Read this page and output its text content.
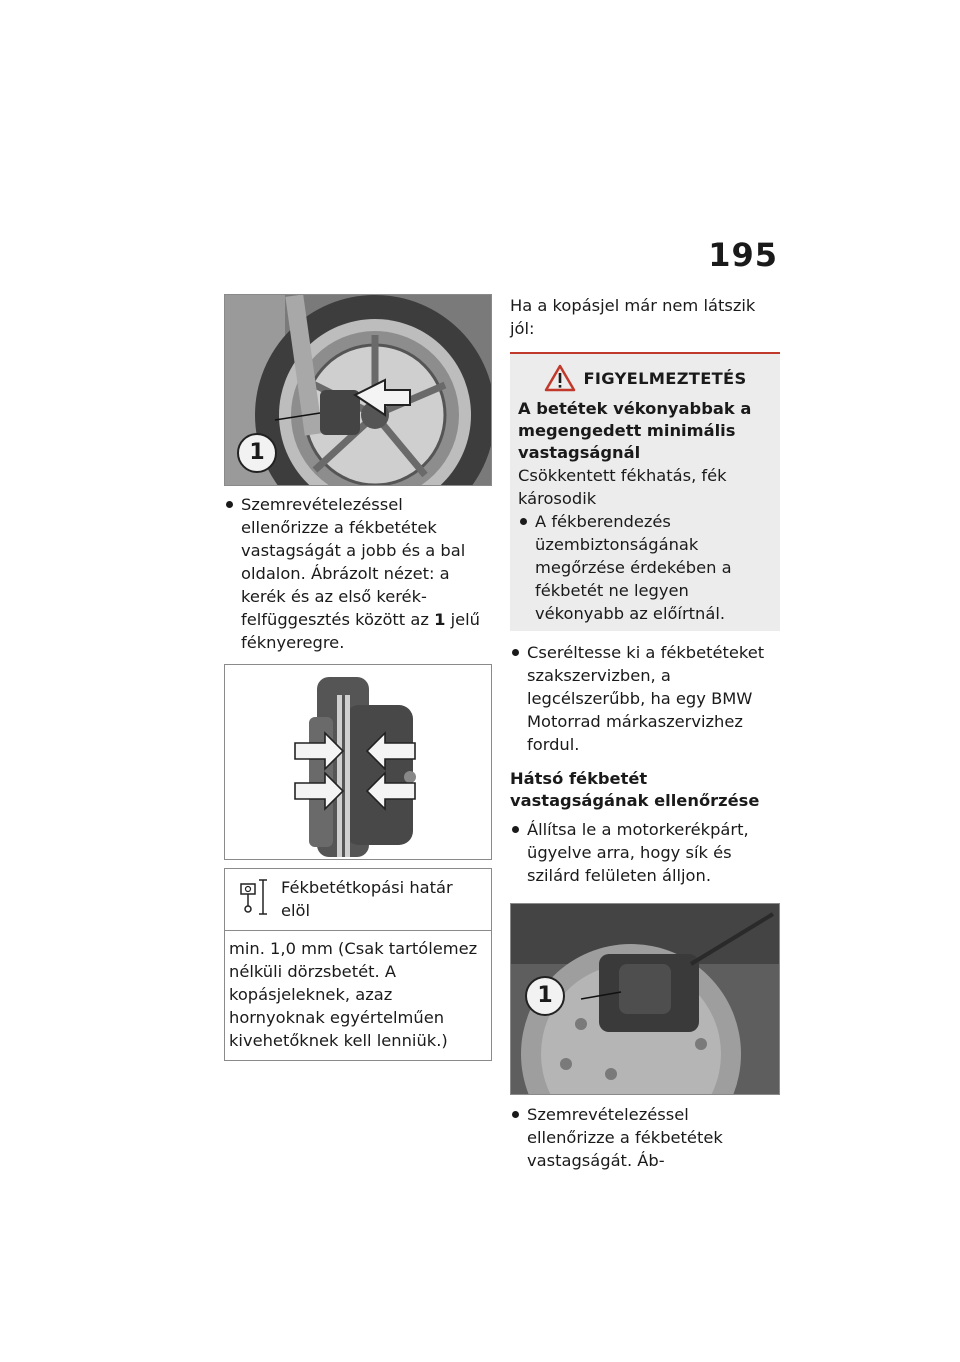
195
1

Szemrevételezéssel ellenőrizze a fékbetétek vastagságát a jobb és a bal oldalon. Ábrázolt nézet: a kerék és az első kerék-felfüggesztés között az 1 jelű féknyeregre.

Fékbetétkopási határ elöl
min. 1,0 mm (Csak tartólemez nélküli dörzsbetét. A kopásjeleknek, azaz hornyoknak egyértelműen kivehetőknek kell lenniük.)

Ha a kopásjel már nem látszik jól:

FIGYELMEZTETÉS
A betétek vékonyabbak a megengedett minimális vastagságnál

Csökkentett fékhatás, fék károsodik

A fékberendezés üzembiztonságának megőrzése érdekében a fékbetét ne legyen vékonyabb az előírtnál.

Cseréltesse ki a fékbetéteket szakszervizben, a legcélszerűbb, ha egy BMW Motorrad márkaszervizhez fordul.

Hátsó fékbetét vastagságának ellenőrzése

Állítsa le a motorkerékpárt, ügyelve arra, hogy sík és szilárd felületen álljon.

1

Szemrevételezéssel ellenőrizze a fékbetétek vastagságát. Áb-
